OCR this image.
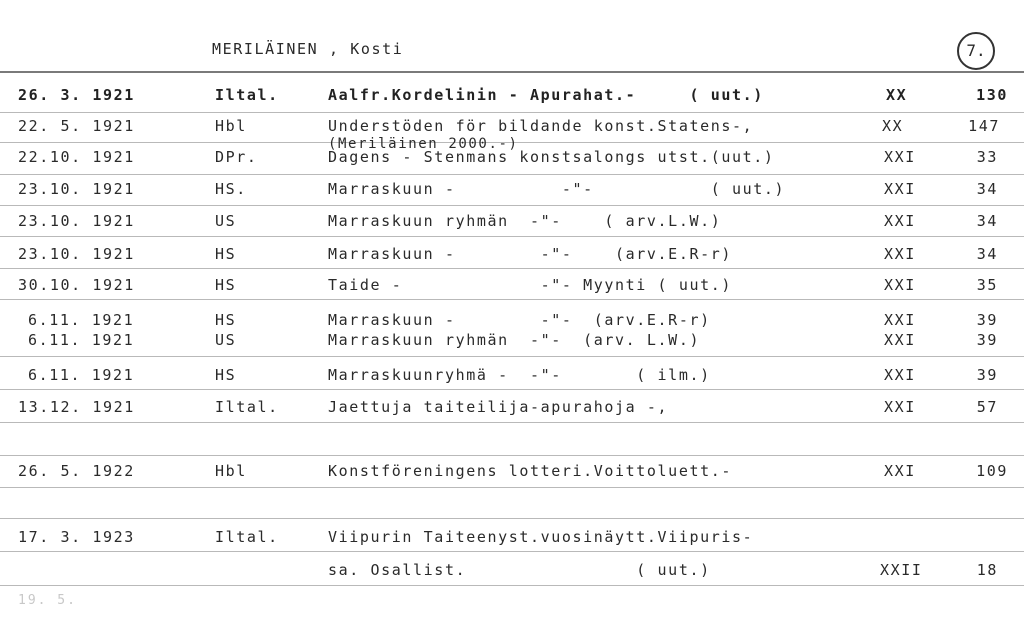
MERILÄINEN , Kosti	7.
26. 3. 1921	Iltal.	Aalfr.Kordelinin - Apurahat.-     ( uut.)	XX	130
22. 5. 1921	Hbl	Understöden för bildande konst.Statens-,	XX	147
(Meriläinen 2000.-)
22.10. 1921	DPr.	Dagens - Stenmans konstsalongs utst.(uut.)	XXI	33
23.10. 1921	HS.	Marraskuun -          -"-           ( uut.)	XXI	34
23.10. 1921	US	Marraskuun ryhmän  -"-    ( arv.L.W.)	XXI	34
23.10. 1921	HS	Marraskuun -        -"-    (arv.E.R-r)	XXI	34
30.10. 1921	HS	Taide -             -"- Myynti ( uut.)	XXI	35
6.11. 1921	HS	Marraskuun -        -"-  (arv.E.R-r)	XXI	39
6.11. 1921	US	Marraskuun ryhmän  -"-  (arv. L.W.)	XXI	39
6.11. 1921	HS	Marraskuunryhmä -  -"-       ( ilm.)	XXI	39
13.12. 1921	Iltal.	Jaettuja taiteilija-apurahoja -,	XXI	57
26. 5. 1922	Hbl	Konstföreningens lotteri.Voittoluett.-	XXI	109
17. 3. 1923	Iltal.	Viipurin Taiteenyst.vuosinäytt.Viipuris-
sa. Osallist.                ( uut.)	XXII	18
19. 5.
